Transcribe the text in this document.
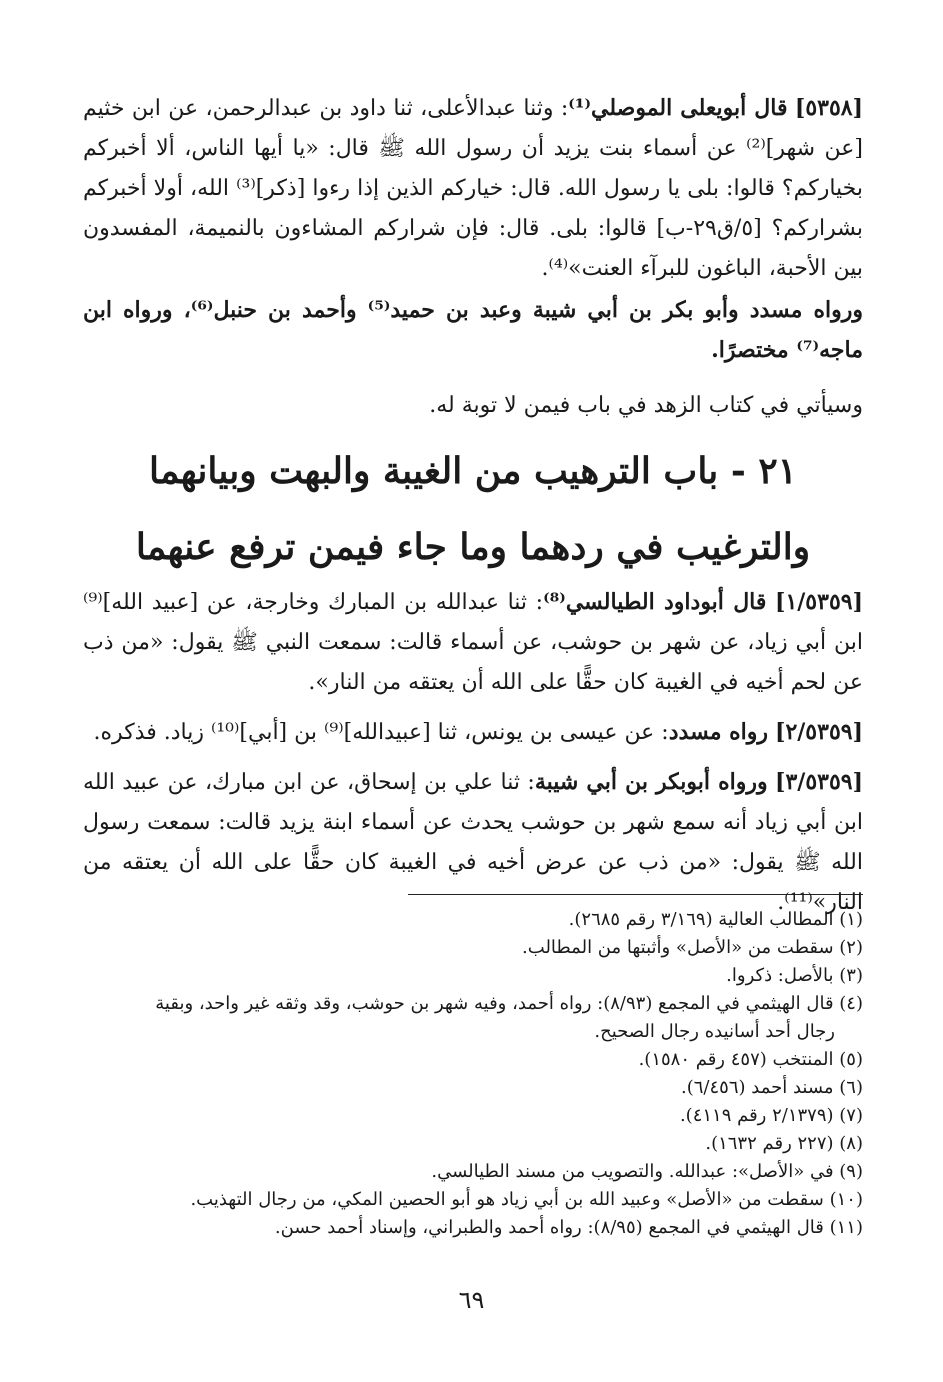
[٥٣٥٨] قال أبويعلى الموصلي⁽¹⁾: وثنا عبدالأعلى، ثنا داود بن عبدالرحمن، عن ابن خثيم [عن شهر]⁽²⁾ عن أسماء بنت يزيد أن رسول الله ﷺ قال: «يا أيها الناس، ألا أخبركم بخياركم؟ قالوا: بلى يا رسول الله. قال: خياركم الذين إذا رءوا [ذكر]⁽³⁾ الله، أولا أخبركم بشراركم؟ [٥/ق٢٩-ب] قالوا: بلى. قال: فإن شراركم المشاءون بالنميمة، المفسدون بين الأحبة، الباغون للبرآء العنت»⁽⁴⁾.

ورواه مسدد وأبو بكر بن أبي شيبة وعبد بن حميد⁽⁵⁾ وأحمد بن حنبل⁽⁶⁾، ورواه ابن ماجه⁽⁷⁾ مختصرًا.

وسيأتي في كتاب الزهد في باب فيمن لا توبة له.

٢١ - باب الترهيب من الغيبة والبهت وبيانهما
والترغيب في ردهما وما جاء فيمن ترفع عنهما

[١/٥٣٥٩] قال أبوداود الطيالسي⁽⁸⁾: ثنا عبدالله بن المبارك وخارجة، عن [عبيد الله]⁽⁹⁾ ابن أبي زياد، عن شهر بن حوشب، عن أسماء قالت: سمعت النبي ﷺ يقول: «من ذب عن لحم أخيه في الغيبة كان حقًّا على الله أن يعتقه من النار».

[٢/٥٣٥٩] رواه مسدد: عن عيسى بن يونس، ثنا [عبيدالله]⁽⁹⁾ بن [أبي]⁽¹⁰⁾ زياد. فذكره.

[٣/٥٣٥٩] ورواه أبوبكر بن أبي شيبة: ثنا علي بن إسحاق، عن ابن مبارك، عن عبيد الله ابن أبي زياد أنه سمع شهر بن حوشب يحدث عن أسماء ابنة يزيد قالت: سمعت رسول الله ﷺ يقول: «من ذب عن عرض أخيه في الغيبة كان حقًّا على الله أن يعتقه من النار»⁽¹¹⁾.

(١) المطالب العالية (٣/١٦٩ رقم ٢٦٨٥).
(٢) سقطت من «الأصل» وأثبتها من المطالب.
(٣) بالأصل: ذكروا.
(٤) قال الهيثمي في المجمع (٨/٩٣): رواه أحمد، وفيه شهر بن حوشب، وقد وثقه غير واحد، وبقية
رجال أحد أسانيده رجال الصحيح.
(٥) المنتخب (٤٥٧ رقم ١٥٨٠).
(٦) مسند أحمد (٦/٤٥٦).
(٧) (٢/١٣٧٩ رقم ٤١١٩).
(٨) (٢٢٧ رقم ١٦٣٢).
(٩) في «الأصل»: عبدالله. والتصويب من مسند الطيالسي.
(١٠) سقطت من «الأصل» وعبيد الله بن أبي زياد هو أبو الحصين المكي، من رجال التهذيب.
(١١) قال الهيثمي في المجمع (٨/٩٥): رواه أحمد والطبراني، وإسناد أحمد حسن.
٦٩
